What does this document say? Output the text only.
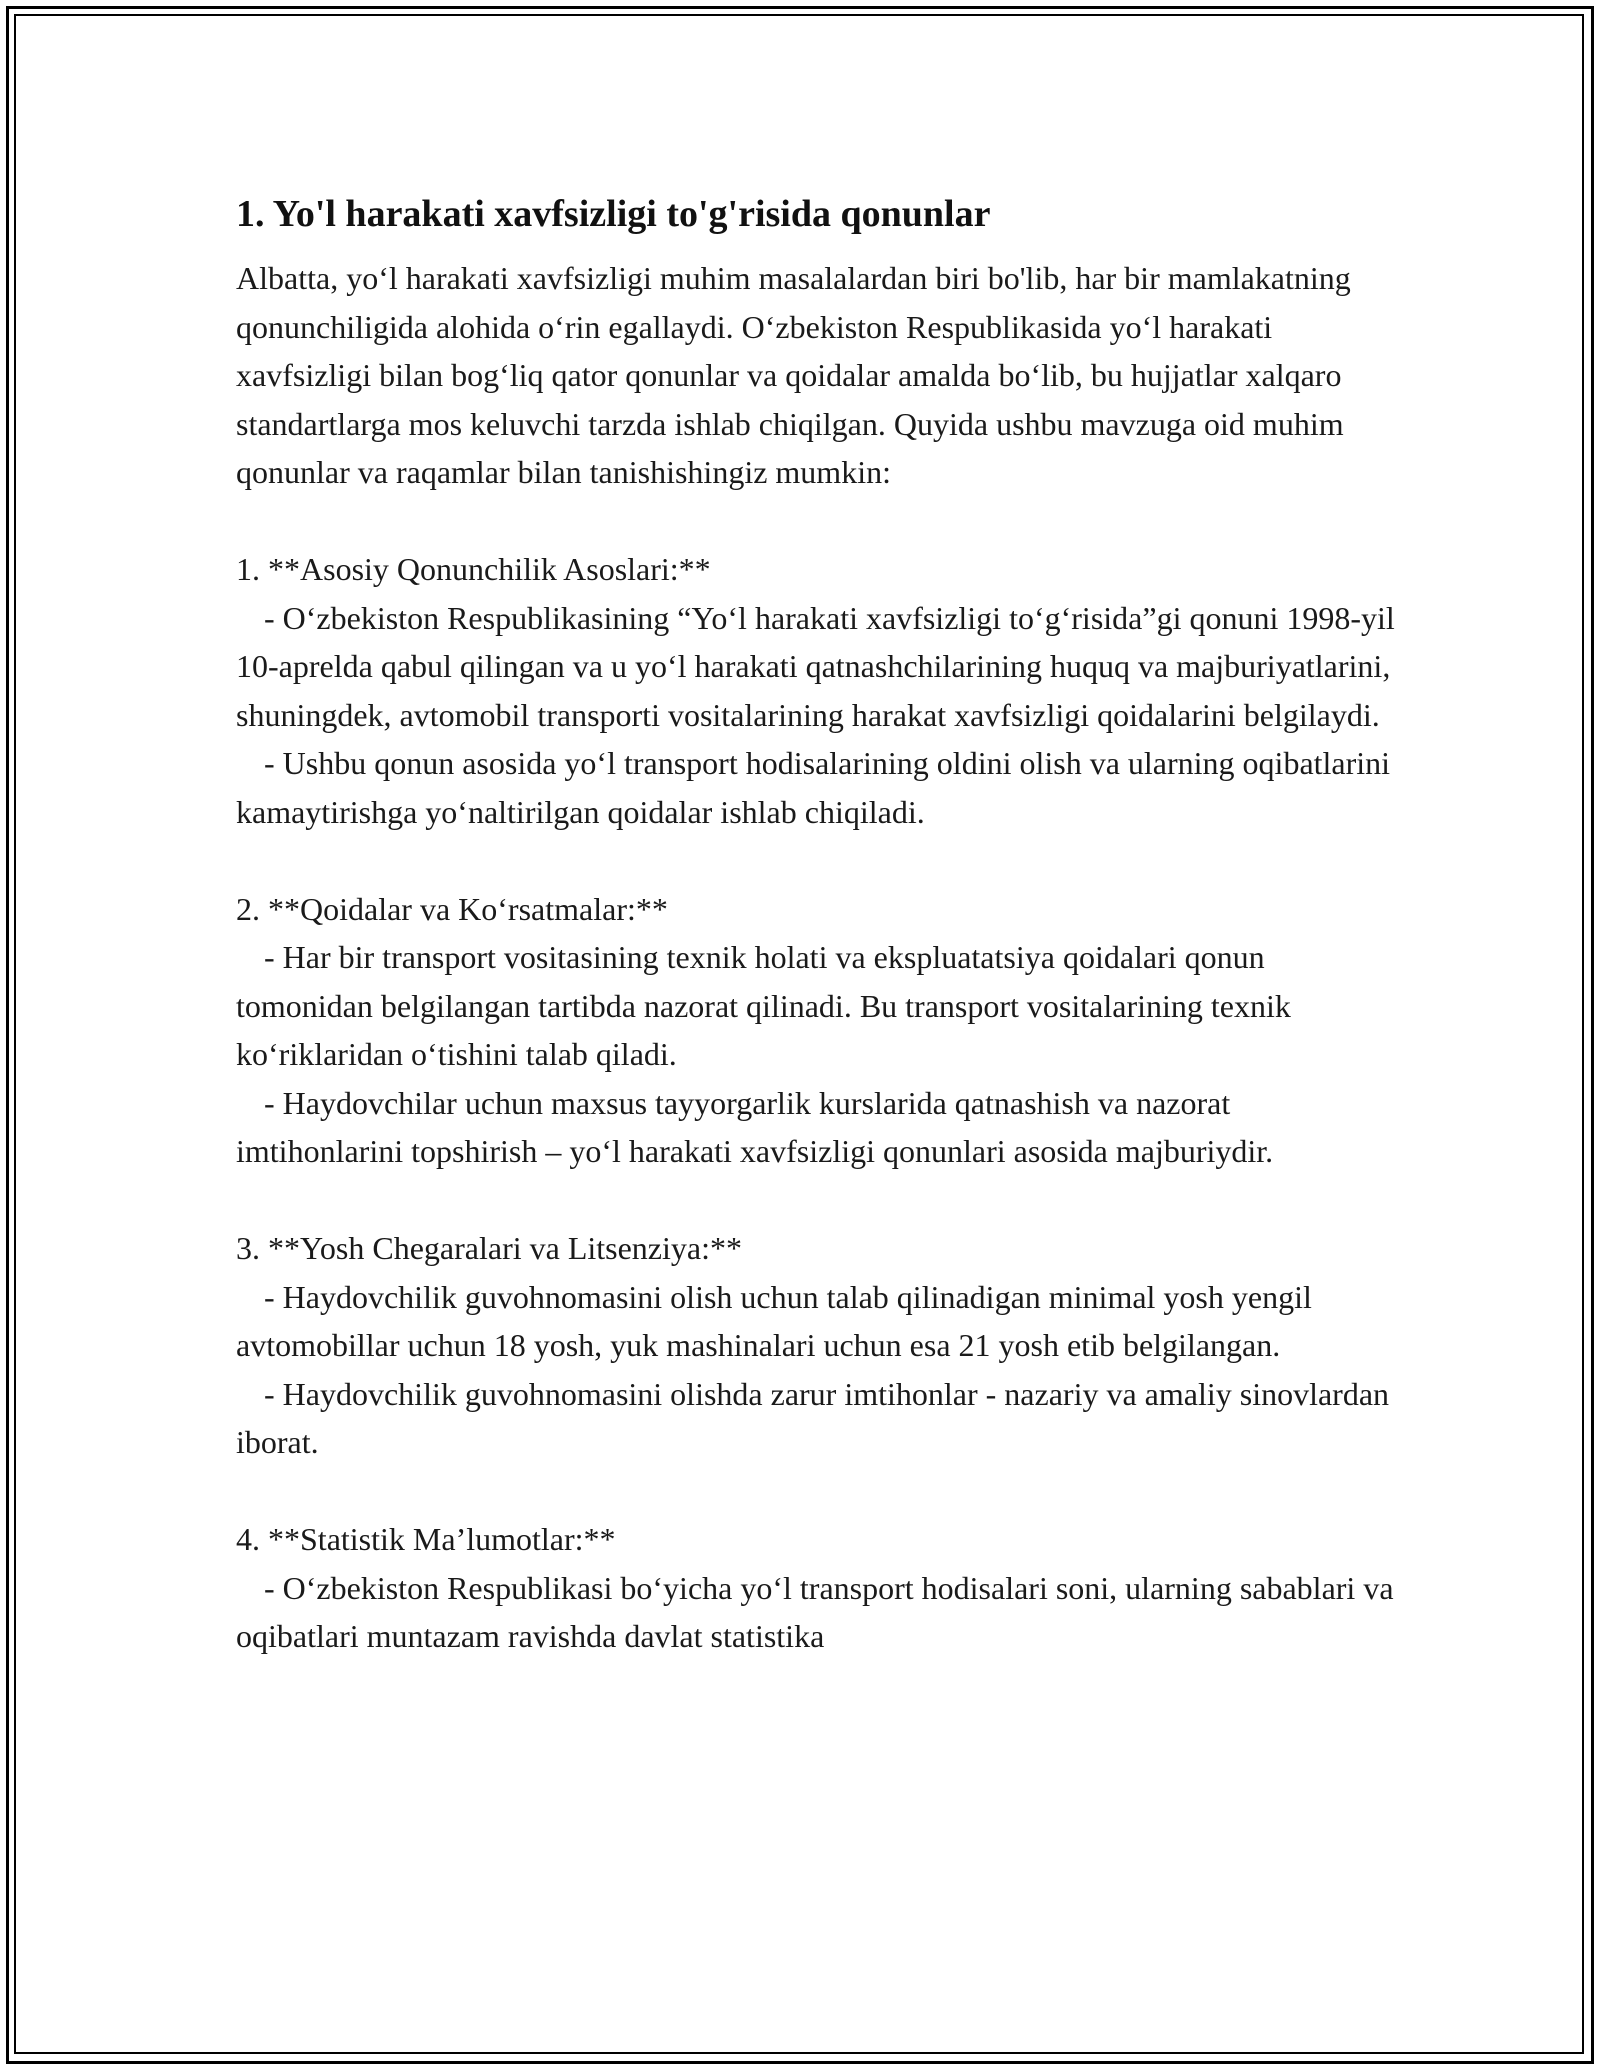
1. Yo'l harakati xavfsizligi to'g'risida qonunlar

Albatta, yo‘l harakati xavfsizligi muhim masalalardan biri bo'lib, har bir mamlakatning qonunchiligida alohida o‘rin egallaydi. O‘zbekiston Respublikasida yo‘l harakati xavfsizligi bilan bog‘liq qator qonunlar va qoidalar amalda bo‘lib, bu hujjatlar xalqaro standartlarga mos keluvchi tarzda ishlab chiqilgan. Quyida ushbu mavzuga oid muhim qonunlar va raqamlar bilan tanishishingiz mumkin:

1. **Asosiy Qonunchilik Asoslari:**

- O‘zbekiston Respublikasining “Yo‘l harakati xavfsizligi to‘g‘risida”gi qonuni 1998-yil 10-aprelda qabul qilingan va u yo‘l harakati qatnashchilarining huquq va majburiyatlarini, shuningdek, avtomobil transporti vositalarining harakat xavfsizligi qoidalarini belgilaydi.

- Ushbu qonun asosida yo‘l transport hodisalarining oldini olish va ularning oqibatlarini kamaytirishga yo‘naltirilgan qoidalar ishlab chiqiladi.

2. **Qoidalar va Ko‘rsatmalar:**

- Har bir transport vositasining texnik holati va ekspluatatsiya qoidalari qonun tomonidan belgilangan tartibda nazorat qilinadi. Bu transport vositalarining texnik ko‘riklaridan o‘tishini talab qiladi.

- Haydovchilar uchun maxsus tayyorgarlik kurslarida qatnashish va nazorat imtihonlarini topshirish – yo‘l harakati xavfsizligi qonunlari asosida majburiydir.

3. **Yosh Chegaralari va Litsenziya:**

- Haydovchilik guvohnomasini olish uchun talab qilinadigan minimal yosh yengil avtomobillar uchun 18 yosh, yuk mashinalari uchun esa 21 yosh etib belgilangan.

- Haydovchilik guvohnomasini olishda zarur imtihonlar - nazariy va amaliy sinovlardan iborat.

4. **Statistik Ma’lumotlar:**

- O‘zbekiston Respublikasi bo‘yicha yo‘l transport hodisalari soni, ularning sabablari va oqibatlari muntazam ravishda davlat statistika
